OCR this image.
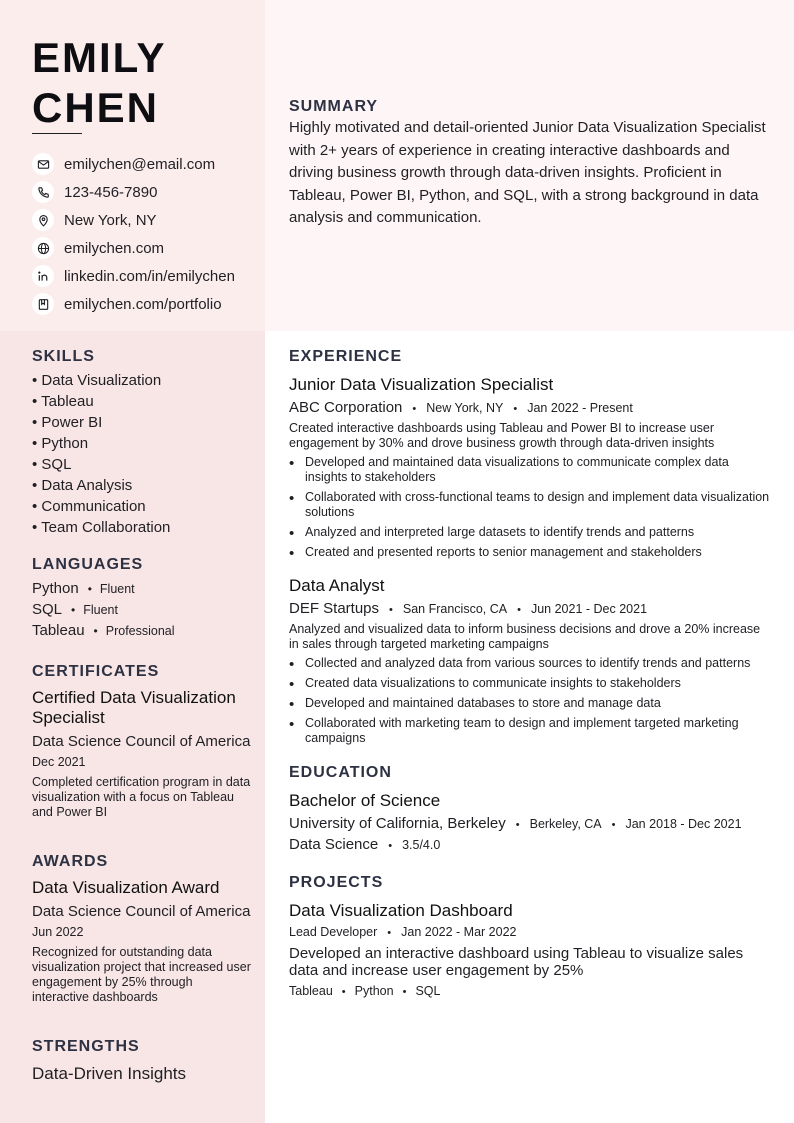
EMILY CHEN
emilychen@email.com
123-456-7890
New York, NY
emilychen.com
linkedin.com/in/emilychen
emilychen.com/portfolio
SUMMARY

Highly motivated and detail-oriented Junior Data Visualization Specialist with 2+ years of experience in creating interactive dashboards and driving business growth through data-driven insights. Proficient in Tableau, Power BI, Python, and SQL, with a strong background in data analysis and communication.

SKILLS
• Data Visualization
• Tableau
• Power BI
• Python
• SQL
• Data Analysis
• Communication
• Team Collaboration
LANGUAGES
Python • Fluent
SQL • Fluent
Tableau • Professional
CERTIFICATES
Certified Data Visualization Specialist
Data Science Council of America
Dec 2021
Completed certification program in data visualization with a focus on Tableau and Power BI
AWARDS
Data Visualization Award
Data Science Council of America
Jun 2022
Recognized for outstanding data visualization project that increased user engagement by 25% through interactive dashboards
STRENGTHS
Data-Driven Insights
EXPERIENCE
Junior Data Visualization Specialist
ABC Corporation • New York, NY • Jan 2022 - Present
Created interactive dashboards using Tableau and Power BI to increase user engagement by 30% and drove business growth through data-driven insights
• Developed and maintained data visualizations to communicate complex data insights to stakeholders
• Collaborated with cross-functional teams to design and implement data visualization solutions
• Analyzed and interpreted large datasets to identify trends and patterns
• Created and presented reports to senior management and stakeholders
Data Analyst
DEF Startups • San Francisco, CA • Jun 2021 - Dec 2021
Analyzed and visualized data to inform business decisions and drove a 20% increase in sales through targeted marketing campaigns
• Collected and analyzed data from various sources to identify trends and patterns
• Created data visualizations to communicate insights to stakeholders
• Developed and maintained databases to store and manage data
• Collaborated with marketing team to design and implement targeted marketing campaigns
EDUCATION
Bachelor of Science
University of California, Berkeley • Berkeley, CA • Jan 2018 - Dec 2021
Data Science • 3.5/4.0
PROJECTS
Data Visualization Dashboard
Lead Developer • Jan 2022 - Mar 2022
Developed an interactive dashboard using Tableau to visualize sales data and increase user engagement by 25%
Tableau • Python • SQL
